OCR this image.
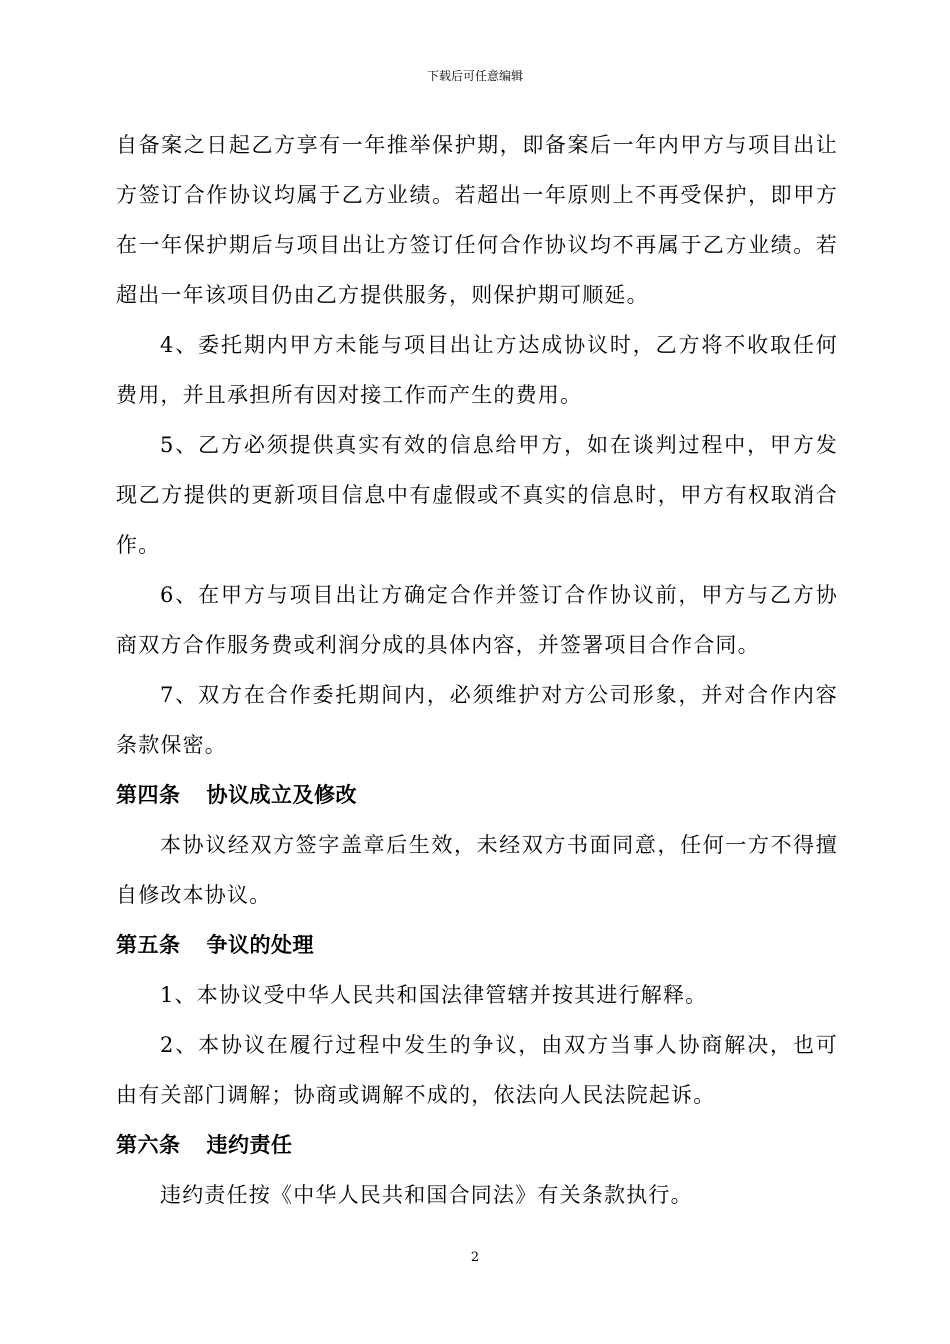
下载后可任意编辑

自备案之日起乙方享有一年推举保护期，即备案后一年内甲方与项目出让方签订合作协议均属于乙方业绩。若超出一年原则上不再受保护，即甲方在一年保护期后与项目出让方签订任何合作协议均不再属于乙方业绩。若超出一年该项目仍由乙方提供服务，则保护期可顺延。

4、委托期内甲方未能与项目出让方达成协议时，乙方将不收取任何费用，并且承担所有因对接工作而产生的费用。

5、乙方必须提供真实有效的信息给甲方，如在谈判过程中，甲方发现乙方提供的更新项目信息中有虚假或不真实的信息时，甲方有权取消合作。

6、在甲方与项目出让方确定合作并签订合作协议前，甲方与乙方协商双方合作服务费或利润分成的具体内容，并签署项目合作合同。

7、双方在合作委托期间内，必须维护对方公司形象，并对合作内容条款保密。

第四条 协议成立及修改

本协议经双方签字盖章后生效，未经双方书面同意，任何一方不得擅自修改本协议。

第五条 争议的处理

1、本协议受中华人民共和国法律管辖并按其进行解释。

2、本协议在履行过程中发生的争议，由双方当事人协商解决，也可由有关部门调解；协商或调解不成的，依法向人民法院起诉。

第六条 违约责任

违约责任按《中华人民共和国合同法》有关条款执行。

2
